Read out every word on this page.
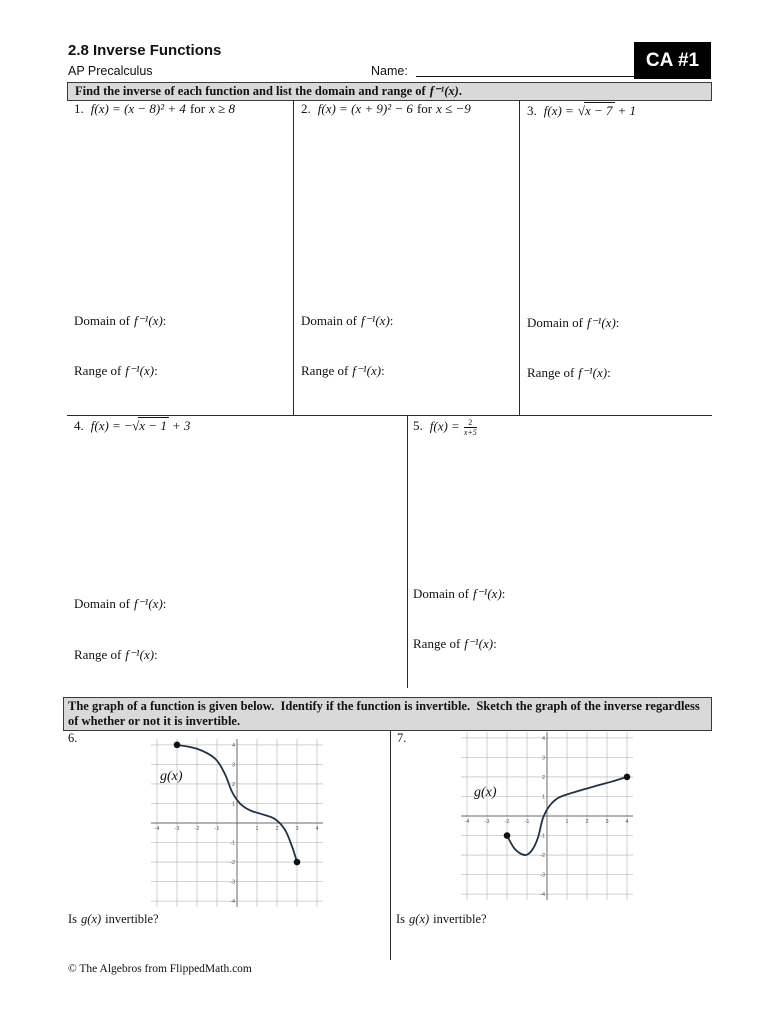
2.8 Inverse Functions
AP Precalculus	Name:	CA #1
Find the inverse of each function and list the domain and range of f⁻¹(x).
1. f(x) = (x − 8)² + 4 for x ≥ 8
Domain of f⁻¹(x):
Range of f⁻¹(x):
2. f(x) = (x + 9)² − 6 for x ≤ −9
Domain of f⁻¹(x):
Range of f⁻¹(x):
3. f(x) = √x − 7 + 1
Domain of f⁻¹(x):
Range of f⁻¹(x):
4. f(x) = −√x − 1 + 3
Domain of f⁻¹(x):
Range of f⁻¹(x):
5. $f(x) = \frac{2}{x+5}$
Domain of f⁻¹(x):
Range of f⁻¹(x):
The graph of a function is given below.  Identify if the function is invertible.  Sketch the graph of the inverse regardless of whether or not it is invertible.
6.
-4
-4
-3
-3
-2
-2
-1
-1
1
1
2
2
3
3
4
4
g(x)
Is g(x) invertible?
7.
-4
-4
-3
-3
-2
-2
-1
-1
1
1
2
2
3
3
4
4
g(x)
Is g(x) invertible?
© The Algebros from FlippedMath.com
